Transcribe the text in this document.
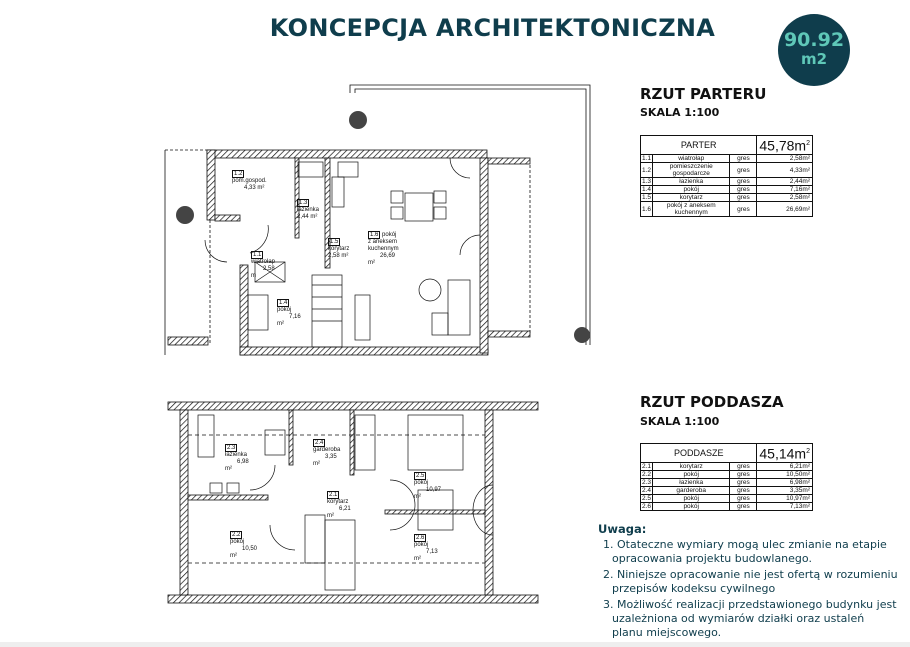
KONCEPCJA ARCHITEKTONICZNA	90.92
m2
1.2 pom.gospod.
4,33 m²
1.3 łazienka
2,44 m²
1.1 wiatrołap
2,58 m
1.5
korytarz
2,58 m²
1.6 pokój z aneksem kuchennym
26,69 m²
1.4 pokój
7,16 m²
2.3 łazienka
6,98 m²
2.4 garderoba
3,35 m²
2.1 korytarz
6,21 m²
2.5 pokój
10,97 m²
2.2 pokój
10,50 m²
2.6 pokój
7,13 m²
RZUT PARTERU
SKALA 1:100
PARTER			$45,78m^2$
1.1	wiatrołap	gres	2,58m²
1.2	pomieszczenie gospodarcze	gres	4,33m²
1.3	łazienka	gres	2,44m²
1.4	pokój	gres	7,16m²
1.5	korytarz	gres	2,58m²
1.6	pokój z aneksem kuchennym	gres	26,69m²
RZUT PODDASZA
SKALA 1:100
PODDASZE			$45,14m^2$
2.1	korytarz	gres	6,21m²
2.2	pokój	gres	10,50m²
2.3	łazienka	gres	6,98m²
2.4	garderoba	gres	3,35m²
2.5	pokój	gres	10,97m²
2.6	pokój	gres	7,13m²
Uwaga:
1. Otateczne wymiary mogą ulec zmianie na etapie opracowania projektu budowlanego.
2. Niniejsze opracowanie nie jest ofertą w rozumieniu przepisów kodeksu cywilnego
3. Możliwość realizacji przedstawionego budynku jest uzależniona od wymiarów działki oraz ustaleń planu miejscowego.
